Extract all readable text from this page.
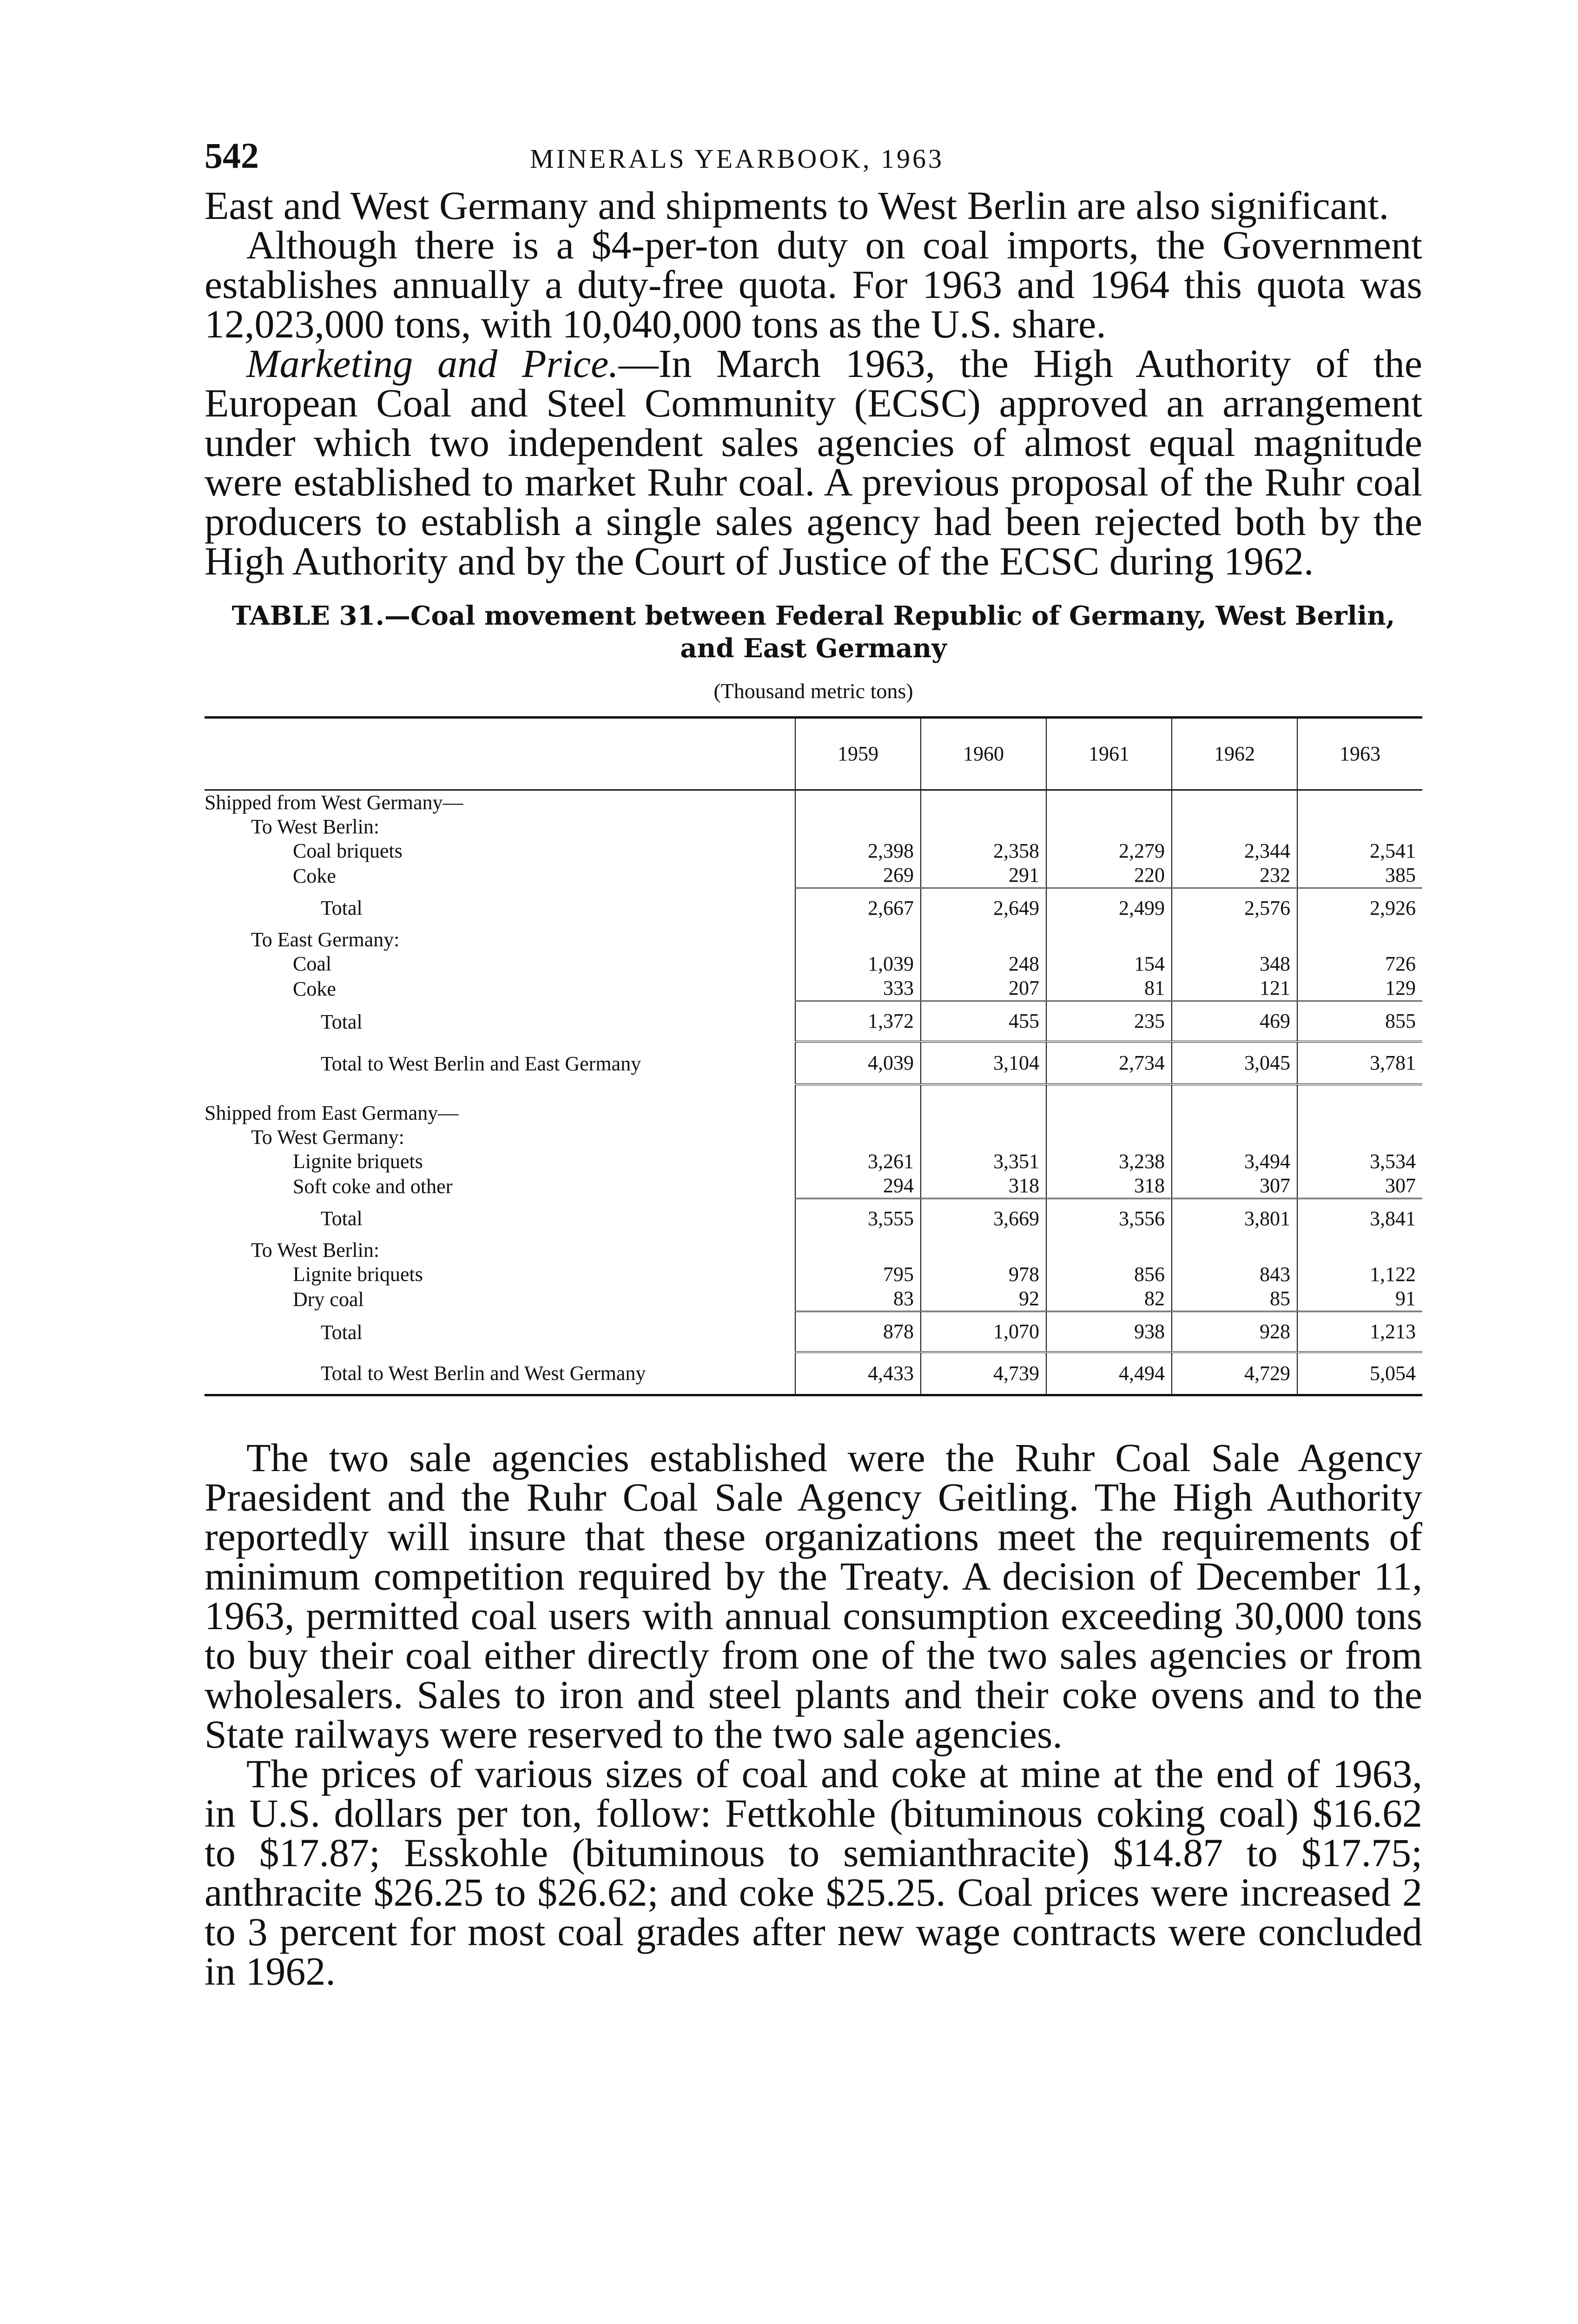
542	MINERALS YEARBOOK, 1963

East and West Germany and shipments to West Berlin are also significant.

Although there is a $4-per-ton duty on coal imports, the Government establishes annually a duty-free quota. For 1963 and 1964 this quota was 12,023,000 tons, with 10,040,000 tons as the U.S. share.

Marketing and Price.—In March 1963, the High Authority of the European Coal and Steel Community (ECSC) approved an arrangement under which two independent sales agencies of almost equal magnitude were established to market Ruhr coal. A previous proposal of the Ruhr coal producers to establish a single sales agency had been rejected both by the High Authority and by the Court of Justice of the ECSC during 1962.

TABLE 31.—Coal movement between Federal Republic of Germany, West Berlin,
and East Germany
(Thousand metric tons)
	1959	1960	1961	1962	1963
Shipped from West Germany—					
To West Berlin:					
Coal briquets	2,398	2,358	2,279	2,344	2,541
Coke	269	291	220	232	385
Total	2,667	2,649	2,499	2,576	2,926
To East Germany:					
Coal	1,039	248	154	348	726
Coke	333	207	81	121	129
Total	1,372	455	235	469	855
Total to West Berlin and East Germany	4,039	3,104	2,734	3,045	3,781

Shipped from East Germany—					
To West Germany:					
Lignite briquets	3,261	3,351	3,238	3,494	3,534
Soft coke and other	294	318	318	307	307
Total	3,555	3,669	3,556	3,801	3,841
To West Berlin:					
Lignite briquets	795	978	856	843	1,122
Dry coal	83	92	82	85	91
Total	878	1,070	938	928	1,213
Total to West Berlin and West Germany	4,433	4,739	4,494	4,729	5,054

The two sale agencies established were the Ruhr Coal Sale Agency Praesident and the Ruhr Coal Sale Agency Geitling. The High Authority reportedly will insure that these organizations meet the requirements of minimum competition required by the Treaty. A decision of December 11, 1963, permitted coal users with annual consumption exceeding 30,000 tons to buy their coal either directly from one of the two sales agencies or from wholesalers. Sales to iron and steel plants and their coke ovens and to the State railways were reserved to the two sale agencies.

The prices of various sizes of coal and coke at mine at the end of 1963, in U.S. dollars per ton, follow: Fettkohle (bituminous coking coal) $16.62 to $17.87; Esskohle (bituminous to semianthracite) $14.87 to $17.75; anthracite $26.25 to $26.62; and coke $25.25. Coal prices were increased 2 to 3 percent for most coal grades after new wage contracts were concluded in 1962.
